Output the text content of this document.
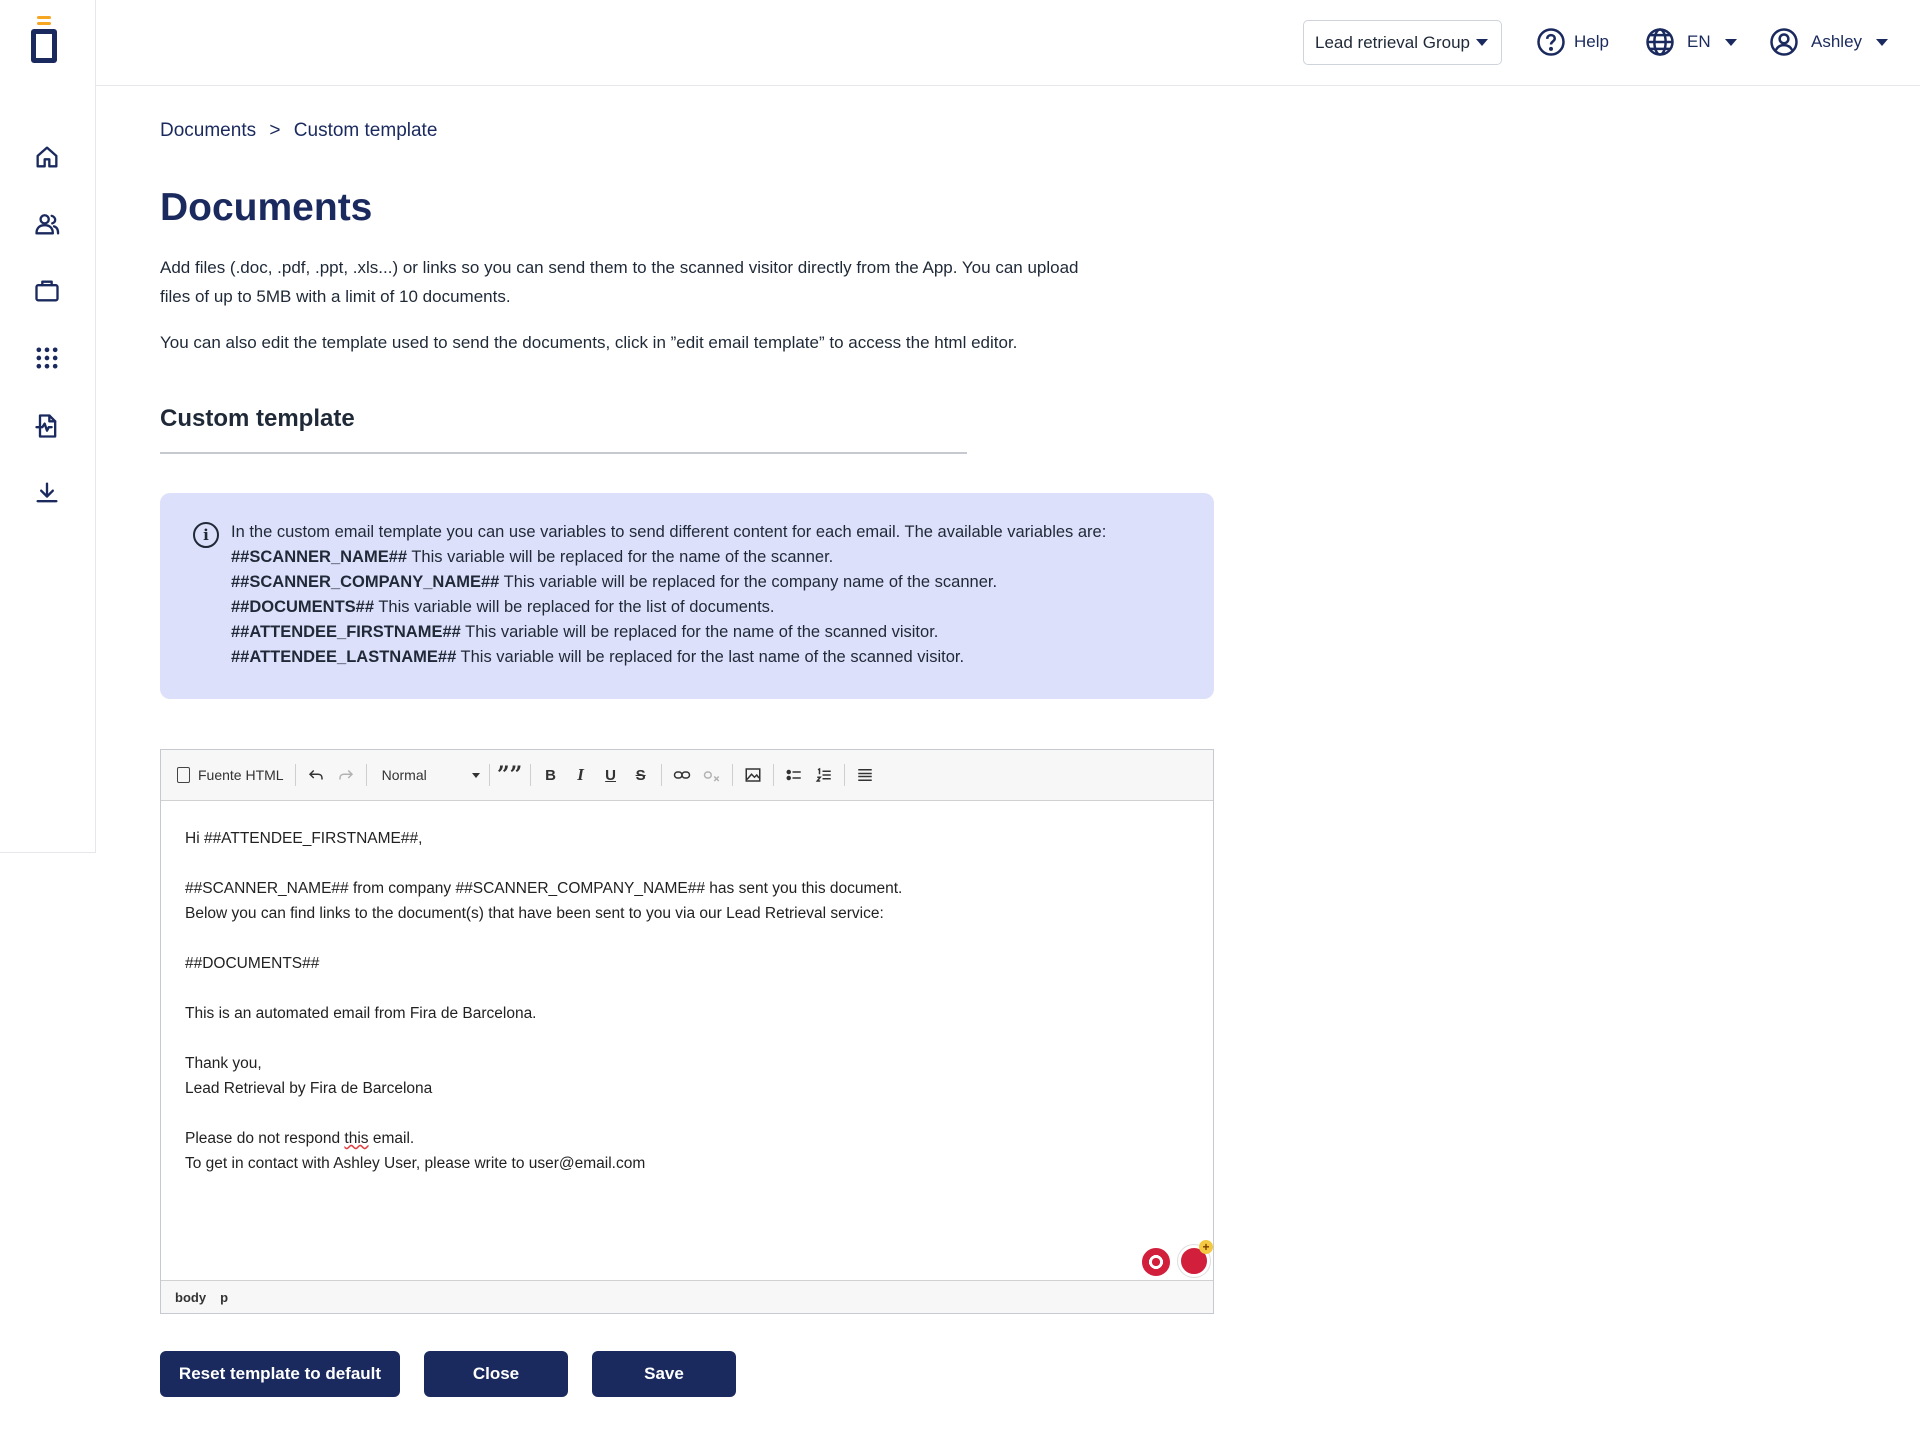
Lead retrieval Group	Help	EN	Ashley
Documents > Custom template
Documents
Add files (.doc, .pdf, .ppt, .xls...) or links so you can send them to the scanned visitor directly from the App. You can upload
files of up to 5MB with a limit of 10 documents.
You can also edit the template used to send the documents, click in ”edit email template” to access the html editor.
Custom template
i	In the custom email template you can use variables to send different content for each email. The available variables are:
##SCANNER_NAME## This variable will be replaced for the name of the scanner.
##SCANNER_COMPANY_NAME## This variable will be replaced for the company name of the scanner.
##DOCUMENTS## This variable will be replaced for the list of documents.
##ATTENDEE_FIRSTNAME## This variable will be replaced for the name of the scanned visitor.
##ATTENDEE_LASTNAME## This variable will be replaced for the last name of the scanned visitor.
Fuente HTML	Normal	””	B	I	U	S

Hi ##ATTENDEE_FIRSTNAME##,

##SCANNER_NAME## from company ##SCANNER_COMPANY_NAME## has sent you this document.

Below you can find links to the document(s) that have been sent to you via our Lead Retrieval service:

##DOCUMENTS##

This is an automated email from Fira de Barcelona.

Thank you,

Lead Retrieval by Fira de Barcelona

Please do not respond this email.

To get in contact with Ashley User, please write to user@email.com

+
body p
Reset template to default	Close	Save
